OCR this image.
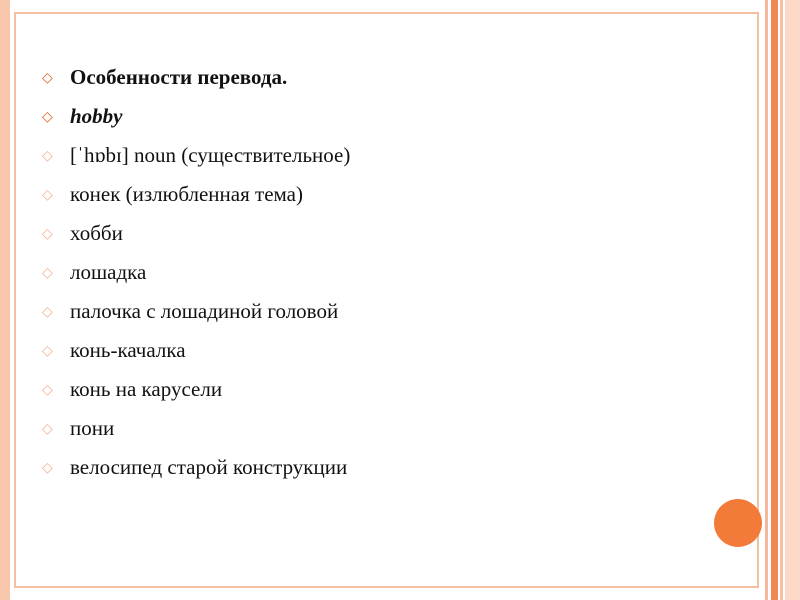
◇ Особенности перевода.
◇ hobby
◇ [ˈhɒbɪ] noun (существительное)
◇ конек (излюбленная тема)
◇ хобби
◇ лошадка
◇ палочка с лошадиной головой
◇ конь-качалка
◇ конь на карусели
◇ пони
◇ велосипед старой конструкции
